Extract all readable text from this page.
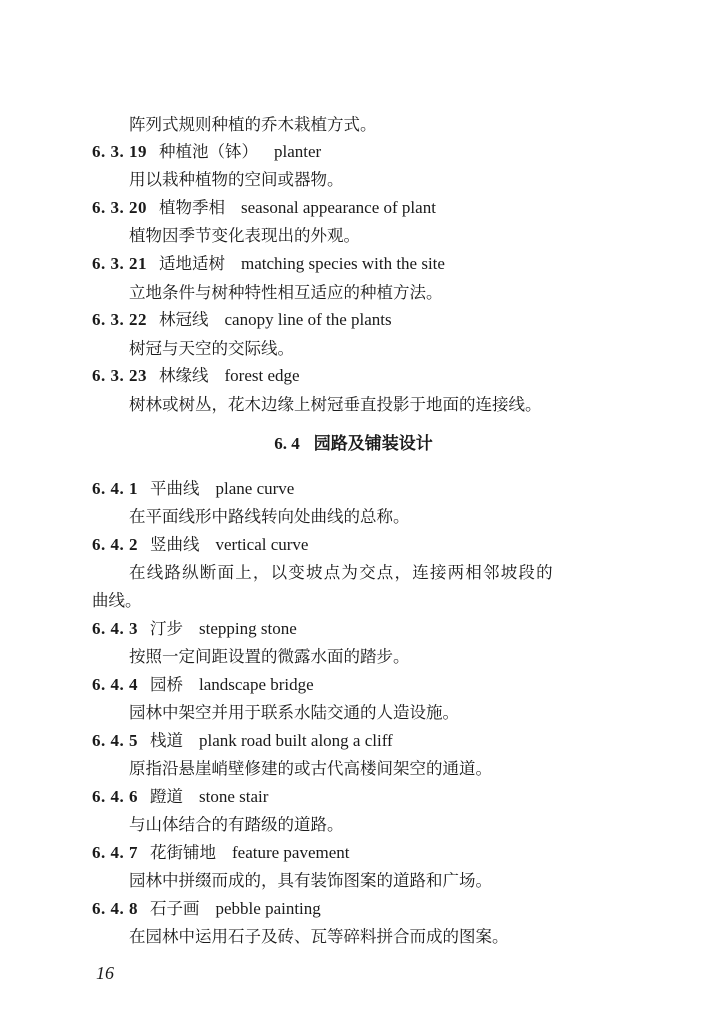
阵列式规则种植的乔木栽植方式。
6. 3. 19 种植池（钵） planter
用以栽种植物的空间或器物。
6. 3. 20 植物季相 seasonal appearance of plant
植物因季节变化表现出的外观。
6. 3. 21 适地适树 matching species with the site
立地条件与树种特性相互适应的种植方法。
6. 3. 22 林冠线 canopy line of the plants
树冠与天空的交际线。
6. 3. 23 林缘线 forest edge
树林或树丛，花木边缘上树冠垂直投影于地面的连接线。
6. 4 园路及铺装设计
6. 4. 1 平曲线 plane curve
在平面线形中路线转向处曲线的总称。
6. 4. 2 竖曲线 vertical curve
在线路纵断面上，以变坡点为交点，连接两相邻坡段的
曲线。
6. 4. 3 汀步 stepping stone
按照一定间距设置的微露水面的踏步。
6. 4. 4 园桥 landscape bridge
园林中架空并用于联系水陆交通的人造设施。
6. 4. 5 栈道 plank road built along a cliff
原指沿悬崖峭壁修建的或古代高楼间架空的通道。
6. 4. 6 蹬道 stone stair
与山体结合的有踏级的道路。
6. 4. 7 花街铺地 feature pavement
园林中拼缀而成的，具有装饰图案的道路和广场。
6. 4. 8 石子画 pebble painting
在园林中运用石子及砖、瓦等碎料拼合而成的图案。
16
